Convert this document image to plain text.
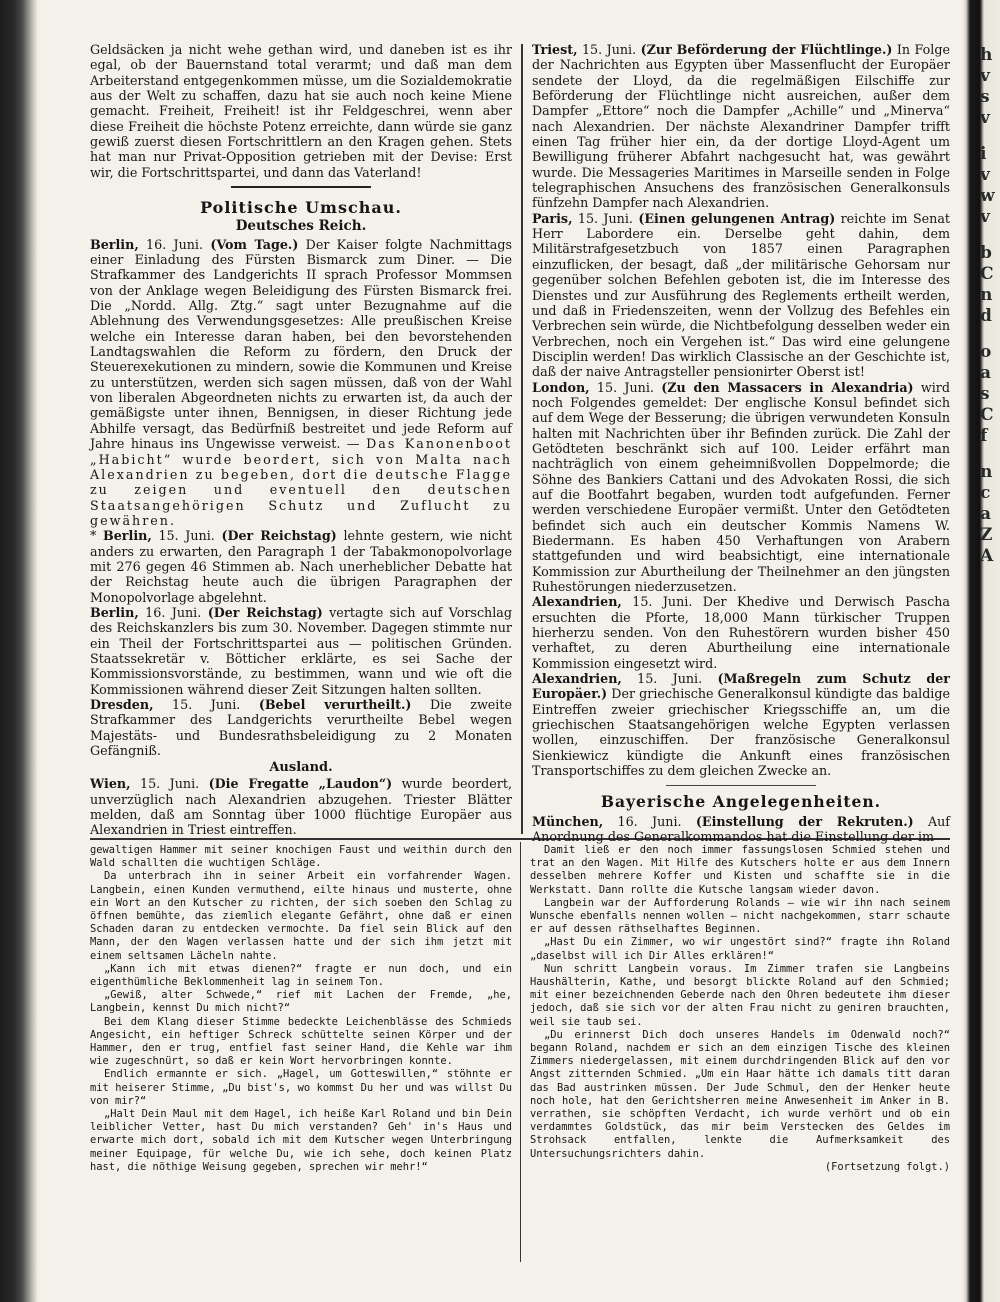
h
v
s
v
i
v
w
v
b
C
n
d
o
a
s
C
f
n
c
a
Z
A

Geldsäcken ja nicht wehe gethan wird, und daneben ist es ihr egal, ob der Bauernstand total verarmt; und daß man dem Arbeiterstand entgegenkommen müsse, um die Sozialdemokratie aus der Welt zu schaffen, dazu hat sie auch noch keine Miene gemacht. Freiheit, Freiheit! ist ihr Feldgeschrei, wenn aber diese Freiheit die höchste Potenz erreichte, dann würde sie ganz gewiß zuerst diesen Fortschrittlern an den Kragen gehen. Stets hat man nur Privat-Opposition getrieben mit der Devise: Erst wir, die Fortschrittspartei, und dann das Vaterland!

Politische Umschau.
Deutsches Reich.

Berlin, 16. Juni. (Vom Tage.) Der Kaiser folgte Nachmittags einer Einladung des Fürsten Bismarck zum Diner. — Die Strafkammer des Landgerichts II sprach Professor Mommsen von der Anklage wegen Beleidigung des Fürsten Bismarck frei. Die „Nordd. Allg. Ztg.“ sagt unter Bezugnahme auf die Ablehnung des Verwendungsgesetzes: Alle preußischen Kreise welche ein Interesse daran haben, bei den bevorstehenden Landtagswahlen die Reform zu fördern, den Druck der Steuerexekutionen zu mindern, sowie die Kommunen und Kreise zu unterstützen, werden sich sagen müssen, daß von der Wahl von liberalen Abgeordneten nichts zu erwarten ist, da auch der gemäßigste unter ihnen, Bennigsen, in dieser Richtung jede Abhilfe versagt, das Bedürfniß bestreitet und jede Reform auf Jahre hinaus ins Ungewisse verweist. — Das Kanonenboot „Habicht“ wurde beordert, sich von Malta nach Alexandrien zu begeben, dort die deutsche Flagge zu zeigen und eventuell den deutschen Staatsangehörigen Schutz und Zuflucht zu gewähren.

* Berlin, 15. Juni. (Der Reichstag) lehnte gestern, wie nicht anders zu erwarten, den Paragraph 1 der Tabakmonopolvorlage mit 276 gegen 46 Stimmen ab. Nach unerheblicher Debatte hat der Reichstag heute auch die übrigen Paragraphen der Monopolvorlage abgelehnt.

Berlin, 16. Juni. (Der Reichstag) vertagte sich auf Vorschlag des Reichskanzlers bis zum 30. November. Dagegen stimmte nur ein Theil der Fortschrittspartei aus — politischen Gründen. Staatssekretär v. Bötticher erklärte, es sei Sache der Kommissionsvorstände, zu bestimmen, wann und wie oft die Kommissionen während dieser Zeit Sitzungen halten sollten.

Dresden, 15. Juni. (Bebel verurtheilt.) Die zweite Strafkammer des Landgerichts verurtheilte Bebel wegen Majestäts- und Bundesrathsbeleidigung zu 2 Monaten Gefängniß.

Ausland.

Wien, 15. Juni. (Die Fregatte „Laudon“) wurde beordert, unverzüglich nach Alexandrien abzugehen. Triester Blätter melden, daß am Sonntag über 1000 flüchtige Europäer aus Alexandrien in Triest eintreffen.

Triest, 15. Juni. (Zur Beförderung der Flüchtlinge.) In Folge der Nachrichten aus Egypten über Massenflucht der Europäer sendete der Lloyd, da die regelmäßigen Eilschiffe zur Beförderung der Flüchtlinge nicht ausreichen, außer dem Dampfer „Ettore“ noch die Dampfer „Achille“ und „Minerva“ nach Alexandrien. Der nächste Alexandriner Dampfer trifft einen Tag früher hier ein, da der dortige Lloyd-Agent um Bewilligung früherer Abfahrt nachgesucht hat, was gewährt wurde. Die Messageries Maritimes in Marseille senden in Folge telegraphischen Ansuchens des französischen Generalkonsuls fünfzehn Dampfer nach Alexandrien.

Paris, 15. Juni. (Einen gelungenen Antrag) reichte im Senat Herr Labordere ein. Derselbe geht dahin, dem Militärstrafgesetzbuch von 1857 einen Paragraphen einzuflicken, der besagt, daß „der militärische Gehorsam nur gegenüber solchen Befehlen geboten ist, die im Interesse des Dienstes und zur Ausführung des Reglements ertheilt werden, und daß in Friedenszeiten, wenn der Vollzug des Befehles ein Verbrechen sein würde, die Nichtbefolgung desselben weder ein Verbrechen, noch ein Vergehen ist.“ Das wird eine gelungene Disciplin werden! Das wirklich Classische an der Geschichte ist, daß der naive Antragsteller pensionirter Oberst ist!

London, 15. Juni. (Zu den Massacers in Alexandria) wird noch Folgendes gemeldet: Der englische Konsul befindet sich auf dem Wege der Besserung; die übrigen verwundeten Konsuln halten mit Nachrichten über ihr Befinden zurück. Die Zahl der Getödteten beschränkt sich auf 100. Leider erfährt man nachträglich von einem geheimnißvollen Doppelmorde; die Söhne des Bankiers Cattani und des Advokaten Rossi, die sich auf die Bootfahrt begaben, wurden todt aufgefunden. Ferner werden verschiedene Europäer vermißt. Unter den Getödteten befindet sich auch ein deutscher Kommis Namens W. Biedermann. Es haben 450 Verhaftungen von Arabern stattgefunden und wird beabsichtigt, eine internationale Kommission zur Aburtheilung der Theilnehmer an den jüngsten Ruhestörungen niederzusetzen.

Alexandrien, 15. Juni. Der Khedive und Derwisch Pascha ersuchten die Pforte, 18,000 Mann türkischer Truppen hierherzu senden. Von den Ruhestörern wurden bisher 450 verhaftet, zu deren Aburtheilung eine internationale Kommission eingesetzt wird.

Alexandrien, 15. Juni. (Maßregeln zum Schutz der Europäer.) Der griechische Generalkonsul kündigte das baldige Eintreffen zweier griechischer Kriegsschiffe an, um die griechischen Staatsangehörigen welche Egypten verlassen wollen, einzuschiffen. Der französische Generalkonsul Sienkiewicz kündigte die Ankunft eines französischen Transportschiffes zu dem gleichen Zwecke an.

Bayerische Angelegenheiten.

München, 16. Juni. (Einstellung der Rekruten.) Auf Anordnung des Generalkommandos hat die Einstellung der im

gewaltigen Hammer mit seiner knochigen Faust und weithin durch den Wald schallten die wuchtigen Schläge.

Da unterbrach ihn in seiner Arbeit ein vorfahrender Wagen. Langbein, einen Kunden vermuthend, eilte hinaus und musterte, ohne ein Wort an den Kutscher zu richten, der sich soeben den Schlag zu öffnen bemühte, das ziemlich elegante Gefährt, ohne daß er einen Schaden daran zu entdecken vermochte. Da fiel sein Blick auf den Mann, der den Wagen verlassen hatte und der sich ihm jetzt mit einem seltsamen Lächeln nahte.

„Kann ich mit etwas dienen?“ fragte er nun doch, und ein eigenthümliche Beklommenheit lag in seinem Ton.

„Gewiß, alter Schwede,“ rief mit Lachen der Fremde, „he, Langbein, kennst Du mich nicht?“

Bei dem Klang dieser Stimme bedeckte Leichenblässe des Schmieds Angesicht, ein heftiger Schreck schüttelte seinen Körper und der Hammer, den er trug, entfiel fast seiner Hand, die Kehle war ihm wie zugeschnürt, so daß er kein Wort hervorbringen konnte.

Endlich ermannte er sich. „Hagel, um Gotteswillen,“ stöhnte er mit heiserer Stimme, „Du bist's, wo kommst Du her und was willst Du von mir?“

„Halt Dein Maul mit dem Hagel, ich heiße Karl Roland und bin Dein leiblicher Vetter, hast Du mich verstanden? Geh' in's Haus und erwarte mich dort, sobald ich mit dem Kutscher wegen Unterbringung meiner Equipage, für welche Du, wie ich sehe, doch keinen Platz hast, die nöthige Weisung gegeben, sprechen wir mehr!“

Damit ließ er den noch immer fassungslosen Schmied stehen und trat an den Wagen. Mit Hilfe des Kutschers holte er aus dem Innern desselben mehrere Koffer und Kisten und schaffte sie in die Werkstatt. Dann rollte die Kutsche langsam wieder davon.

Langbein war der Aufforderung Rolands — wie wir ihn nach seinem Wunsche ebenfalls nennen wollen — nicht nachgekommen, starr schaute er auf dessen räthselhaftes Beginnen.

„Hast Du ein Zimmer, wo wir ungestört sind?“ fragte ihn Roland „daselbst will ich Dir Alles erklären!“

Nun schritt Langbein voraus. Im Zimmer trafen sie Langbeins Haushälterin, Kathe, und besorgt blickte Roland auf den Schmied; mit einer bezeichnenden Geberde nach den Ohren bedeutete ihm dieser jedoch, daß sie sich vor der alten Frau nicht zu geniren brauchten, weil sie taub sei.

„Du erinnerst Dich doch unseres Handels im Odenwald noch?“ begann Roland, nachdem er sich an dem einzigen Tische des kleinen Zimmers niedergelassen, mit einem durchdringenden Blick auf den vor Angst zitternden Schmied. „Um ein Haar hätte ich damals titt daran das Bad austrinken müssen. Der Jude Schmul, den der Henker heute noch hole, hat den Gerichtsherren meine Anwesenheit im Anker in B. verrathen, sie schöpften Verdacht, ich wurde verhört und ob ein verdammtes Goldstück, das mir beim Verstecken des Geldes im Strohsack entfallen, lenkte die Aufmerksamkeit des Untersuchungsrichters dahin.

(Fortsetzung folgt.)
